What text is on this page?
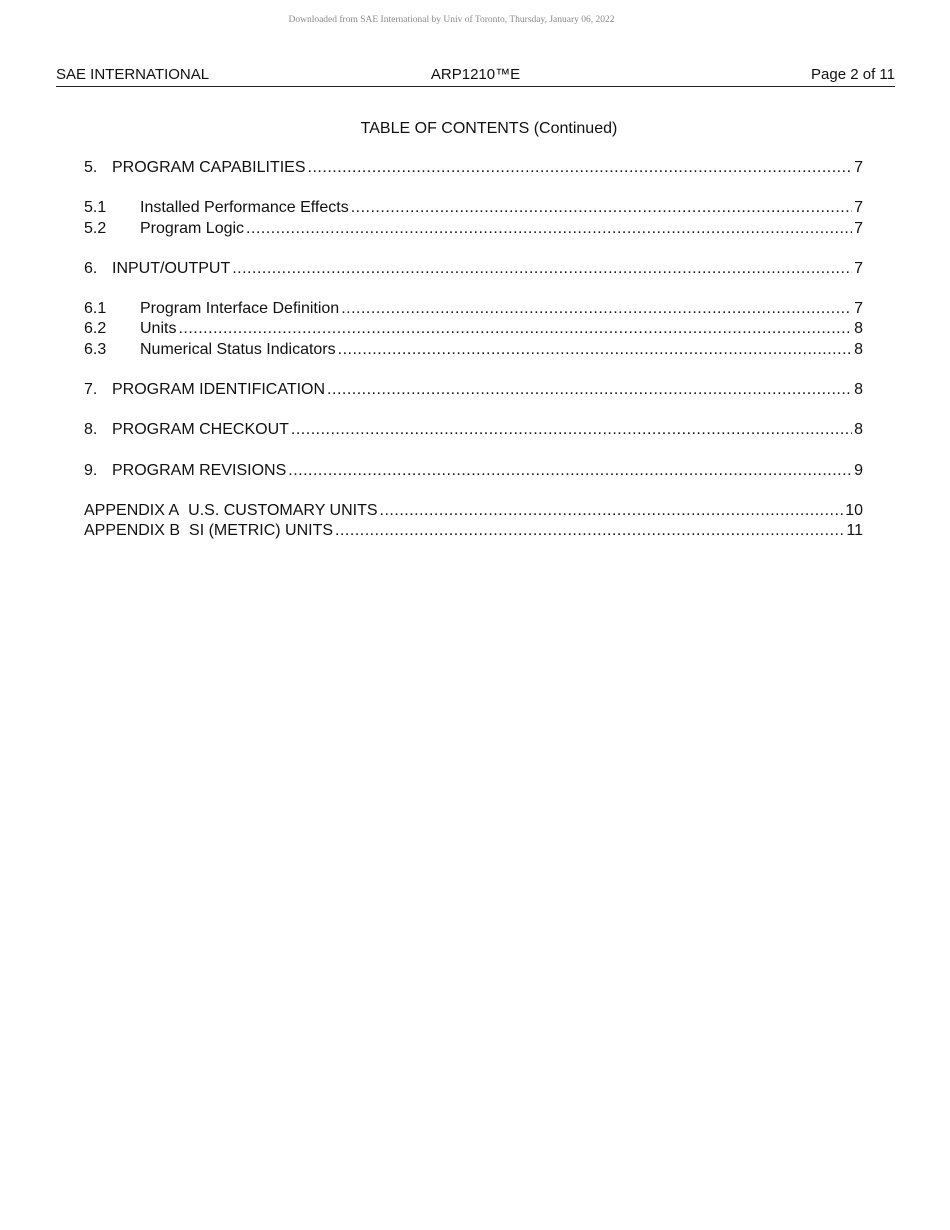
Downloaded from SAE International by Univ of Toronto, Thursday, January 06, 2022
SAE INTERNATIONAL	ARP1210™E	Page 2 of 11
TABLE OF CONTENTS (Continued)
5. PROGRAM CAPABILITIES .....	7
5.1	Installed Performance Effects .....	7
5.2	Program Logic .....	7
6. INPUT/OUTPUT .....	7
6.1	Program Interface Definition .....	7
6.2	Units .....	8
6.3	Numerical Status Indicators .....	8
7. PROGRAM IDENTIFICATION .....	8
8. PROGRAM CHECKOUT .....	8
9. PROGRAM REVISIONS .....	9
APPENDIX A U.S. CUSTOMARY UNITS .....	10
APPENDIX B SI (METRIC) UNITS .....	11
